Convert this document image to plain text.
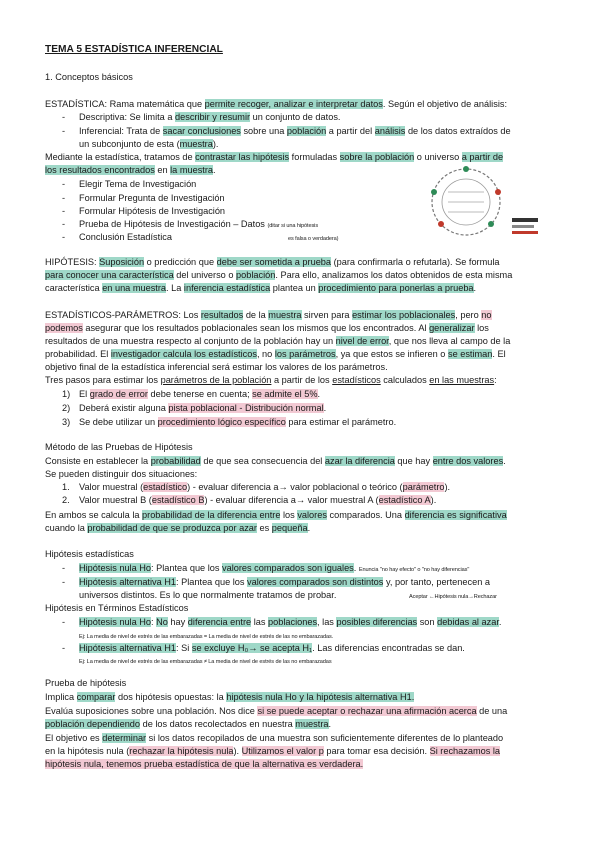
TEMA 5 ESTADÍSTICA INFERENCIAL
1. Conceptos básicos
ESTADÍSTICA: Rama matemática que permite recoger, analizar e interpretar datos. Según el objetivo de análisis:
- Descriptiva: Se limita a describir y resumir un conjunto de datos.
- Inferencial: Trata de sacar conclusiones sobre una población a partir del análisis de los datos extraídos de
un subconjunto de esta (muestra).
Mediante la estadística, tratamos de contrastar las hipótesis formuladas sobre la población o universo a partir de
los resultados encontrados en la muestra.
- Elegir Tema de Investigación
- Formular Pregunta de Investigación
- Formular Hipótesis de Investigación
- Prueba de Hipótesis de Investigación – Datos (ditar si una hipótesis
- Conclusión Estadística	es falsa o verdadera)
HIPÓTESIS: Suposición o predicción que debe ser sometida a prueba (para confirmarla o refutarla). Se formula
para conocer una característica del universo o población. Para ello, analizamos los datos obtenidos de esta misma
característica en una muestra. La inferencia estadística plantea un procedimiento para ponerlas a prueba.
ESTADÍSTICOS-PARÁMETROS: Los resultados de la muestra sirven para estimar los poblacionales, pero no
podemos asegurar que los resultados poblacionales sean los mismos que los encontrados. Al generalizar los
resultados de una muestra respecto al conjunto de la población hay un nivel de error, que nos lleva al campo de la
probabilidad. El investigador calcula los estadísticos, no los parámetros, ya que estos se infieren o se estiman. El
objetivo final de la estadística inferencial será estimar los valores de los parámetros.
Tres pasos para estimar los parámetros de la población a partir de los estadísticos calculados en las muestras:
1) El grado de error debe tenerse en cuenta; se admite el 5%.
2) Deberá existir alguna pista poblacional - Distribución normal.
3) Se debe utilizar un procedimiento lógico específico para estimar el parámetro.
Método de las Pruebas de Hipótesis
Consiste en establecer la probabilidad de que sea consecuencia del azar la diferencia que hay entre dos valores.
Se pueden distinguir dos situaciones:
1. Valor muestral (estadístico) - evaluar diferencia a→ valor poblacional o teórico (parámetro).
2. Valor muestral B (estadístico B) - evaluar diferencia a→ valor muestral A (estadístico A).
En ambos se calcula la probabilidad de la diferencia entre los valores comparados. Una diferencia es significativa
cuando la probabilidad de que se produzca por azar es pequeña.
Hipótesis estadísticas
- Hipótesis nula Ho: Plantea que los valores comparados son iguales. Enuncia "no hay efecto" o "no hay diferencias"
- Hipótesis alternativa H1: Plantea que los valores comparados son distintos y, por tanto, pertenecen a
universos distintos. Es lo que normalmente tratamos de probar.	Aceptar ←Hipótesis nula→Rechazar
Hipótesis en Términos Estadísticos
- Hipótesis nula Ho: No hay diferencia entre las poblaciones, las posibles diferencias son debidas al azar.
Ej: La media de nivel de estrés de las embarazadas = La media de nivel de estrés de las no embarazadas.
- Hipótesis alternativa H1: Si se excluye H₀→ se acepta H₁. Las diferencias encontradas se dan.
Ej: La media de nivel de estrés de las embarazadas ≠ La media de nivel de estrés de las no embarazadas
Prueba de hipótesis
Implica comparar dos hipótesis opuestas: la hipótesis nula Ho y la hipótesis alternativa H1.
Evalúa suposiciones sobre una población. Nos dice si se puede aceptar o rechazar una afirmación acerca de una
población dependiendo de los datos recolectados en nuestra muestra.
El objetivo es determinar si los datos recopilados de una muestra son suficientemente diferentes de lo planteado
en la hipótesis nula (rechazar la hipótesis nula). Utilizamos el valor p para tomar esa decisión. Si rechazamos la
hipótesis nula, tenemos prueba estadística de que la alternativa es verdadera.
